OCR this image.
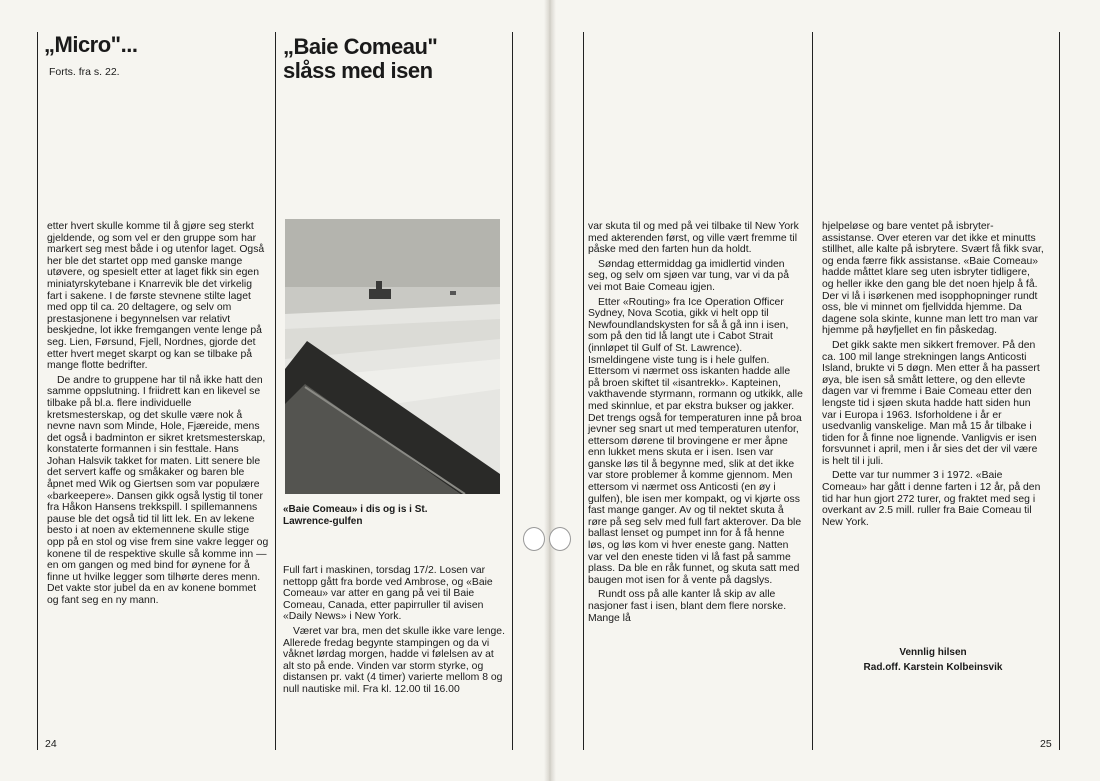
„Micro"...
Forts. fra s. 22.

etter hvert skulle komme til å gjøre seg sterkt gjeldende, og som vel er den gruppe som har markert seg mest både i og utenfor laget. Også her ble det startet opp med ganske mange utøvere, og spesielt etter at laget fikk sin egen miniatyrskytebane i Knarrevik ble det virkelig fart i sakene. I de første stevnene stilte laget med opp til ca. 20 deltagere, og selv om prestasjonene i begynnelsen var relativt beskjedne, lot ikke fremgangen vente lenge på seg. Lien, Førsund, Fjell, Nordnes, gjorde det etter hvert meget skarpt og kan se tilbake på mange flotte bedrifter.

De andre to gruppene har til nå ikke hatt den samme oppslutning. I friidrett kan en likevel se tilbake på bl.a. flere individuelle kretsmesterskap, og det skulle være nok å nevne navn som Minde, Hole, Fjæreide, mens det også i badminton er sikret kretsmesterskap, konstaterte formannen i sin festtale. Hans Johan Halsvik takket for maten. Litt senere ble det servert kaffe og småkaker og baren ble åpnet med Wik og Giertsen som var populære «barkeepere». Dansen gikk også lystig til toner fra Håkon Hansens trekkspill. I spillemannens pause ble det også tid til litt lek. En av lekene besto i at noen av ektemennene skulle stige opp på en stol og vise frem sine vakre legger og konene til de respektive skulle så komme inn — en om gangen og med bind for øynene for å finne ut hvilke legger som tilhørte deres menn. Det vakte stor jubel da en av konene bommet og fant seg en ny mann.

„Baie Comeau"
slåss med isen
«Baie Comeau» i dis og is i St. Lawrence-gulfen

Full fart i maskinen, torsdag 17/2. Losen var nettopp gått fra borde ved Ambrose, og «Baie Comeau» var atter en gang på vei til Baie Comeau, Canada, etter papirruller til avisen «Daily News» i New York.

Været var bra, men det skulle ikke vare lenge. Allerede fredag begynte stampingen og da vi våknet lørdag morgen, hadde vi følelsen av at alt sto på ende. Vinden var storm styrke, og distansen pr. vakt (4 timer) varierte mellom 8 og null nautiske mil. Fra kl. 12.00 til 16.00

24

var skuta til og med på vei tilbake til New York med akterenden først, og ville vært fremme til påske med den farten hun da holdt.

Søndag ettermiddag ga imidlertid vinden seg, og selv om sjøen var tung, var vi da på vei mot Baie Comeau igjen.

Etter «Routing» fra Ice Operation Officer Sydney, Nova Scotia, gikk vi helt opp til Newfoundlandskysten for så å gå inn i isen, som på den tid lå langt ute i Cabot Strait (innløpet til Gulf of St. Lawrence). Ismeldingene viste tung is i hele gulfen. Ettersom vi nærmet oss iskanten hadde alle på broen skiftet til «isantrekk». Kapteinen, vakthavende styrmann, rormann og utkikk, alle med skinnlue, et par ekstra bukser og jakker. Det trengs også for temperaturen inne på broa jevner seg snart ut med temperaturen utenfor, ettersom dørene til brovingene er mer åpne enn lukket mens skuta er i isen. Isen var ganske løs til å begynne med, slik at det ikke var store problemer å komme gjennom. Men ettersom vi nærmet oss Anticosti (en øy i gulfen), ble isen mer kompakt, og vi kjørte oss fast mange ganger. Av og til nektet skuta å røre på seg selv med full fart akterover. Da ble ballast lenset og pumpet inn for å få henne løs, og løs kom vi hver eneste gang. Natten var vel den eneste tiden vi lå fast på samme plass. Da ble en råk funnet, og skuta satt med baugen mot isen for å vente på dagslys.

Rundt oss på alle kanter lå skip av alle nasjoner fast i isen, blant dem flere norske. Mange lå

hjelpeløse og bare ventet på isbryter-assistanse. Over eteren var det ikke et minutts stillhet, alle kalte på isbrytere. Svært få fikk svar, og enda færre fikk assistanse. «Baie Comeau» hadde måttet klare seg uten isbryter tidligere, og heller ikke den gang ble det noen hjelp å få. Der vi lå i isørkenen med isopphopninger rundt oss, ble vi minnet om fjellvidda hjemme. Da dagene sola skinte, kunne man lett tro man var hjemme på høyfjellet en fin påskedag.

Det gikk sakte men sikkert fremover. På den ca. 100 mil lange strekningen langs Anticosti Island, brukte vi 5 døgn. Men etter å ha passert øya, ble isen så smått lettere, og den ellevte dagen var vi fremme i Baie Comeau etter den lengste tid i sjøen skuta hadde hatt siden hun var i Europa i 1963. Isforholdene i år er usedvanlig vanskelige. Man må 15 år tilbake i tiden for å finne noe lignende. Vanligvis er isen forsvunnet i april, men i år sies det der vil være is helt til i juli.

Dette var tur nummer 3 i 1972. «Baie Comeau» har gått i denne farten i 12 år, på den tid har hun gjort 272 turer, og fraktet med seg i overkant av 2.5 mill. ruller fra Baie Comeau til New York.

Vennlig hilsen
Rad.off. Karstein Kolbeinsvik
25
